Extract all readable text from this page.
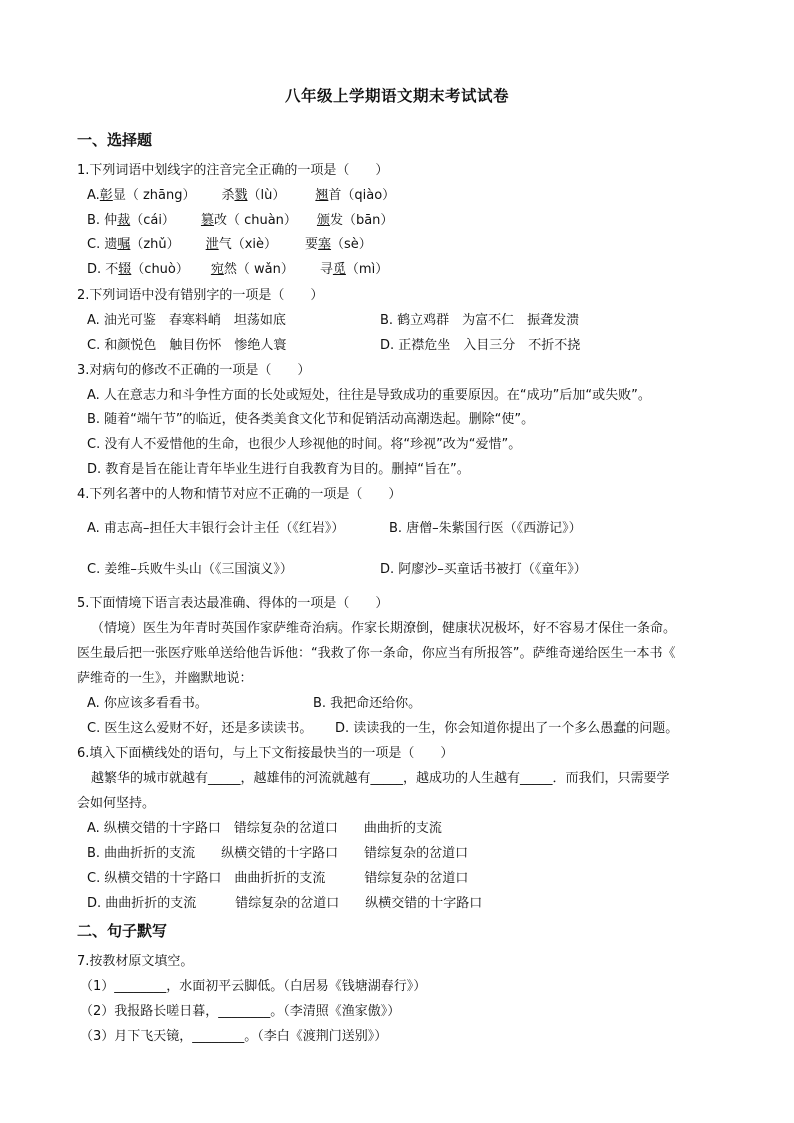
八年级上学期语文期末考试试卷
一、选择题
1.下列词语中划线字的注音完全正确的一项是（　　）
A.彰显（ zhāng） 杀戮（lù） 翘首（qiào）
B. 仲裁（cái） 篡改（ chuàn） 颁发（bān）
C. 遗嘱（zhǔ） 泄气（xiè） 要塞（sè）
D. 不辍（chuò） 宛然（ wǎn） 寻觅（mì）
2.下列词语中没有错别字的一项是（　　）
A. 油光可鉴　春寒料峭　坦荡如底	B. 鹤立鸡群　为富不仁　振聋发溃
C. 和颜悦色　触目伤怀　惨绝人寰	D. 正襟危坐　入目三分　不折不挠
3.对病句的修改不正确的一项是（　　）
A. 人在意志力和斗争性方面的长处或短处，往往是导致成功的重要原因。在“成功”后加“或失败”。
B. 随着“端午节”的临近，使各类美食文化节和促销活动高潮迭起。删除“使”。
C. 没有人不爱惜他的生命，也很少人珍视他的时间。将“珍视”改为“爱惜”。
D. 教育是旨在能让青年毕业生进行自我教育为目的。删掉“旨在”。
4.下列名著中的人物和情节对应不正确的一项是（　　）
A. 甫志高–担任大丰银行会计主任（《红岩》）	B. 唐僧–朱紫国行医（《西游记》）
C. 姜维–兵败牛头山（《三国演义》）	D. 阿廖沙–买童话书被打（《童年》）
5.下面情境下语言表达最准确、得体的一项是（　　）
（情境）医生为年青时英国作家萨维奇治病。作家长期潦倒，健康状况极坏，好不容易才保住一条命。
医生最后把一张医疗账单送给他告诉他：“我救了你一条命，你应当有所报答”。萨维奇递给医生一本书《
萨维奇的一生》，并幽默地说：
A. 你应该多看看书。	B. 我把命还给你。
C. 医生这么爱财不好，还是多读读书。 D. 读读我的一生，你会知道你提出了一个多么愚蠢的问题。
6.填入下面横线处的语句，与上下文衔接最快当的一项是（　　）
越繁华的城市就越有_____，越雄伟的河流就越有_____，越成功的人生越有_____．而我们，只需要学
会如何坚持。
A. 纵横交错的十字路口　错综复杂的岔道口　　曲曲折的支流
B. 曲曲折折的支流　　纵横交错的十字路口　　错综复杂的岔道口
C. 纵横交错的十字路口　曲曲折折的支流　　　错综复杂的岔道口
D. 曲曲折折的支流　　　错综复杂的岔道口　　纵横交错的十字路口
二、句子默写
7.按教材原文填空。
（1）________，水面初平云脚低。（白居易《钱塘湖春行》）
（2）我报路长嗟日暮，________。（李清照《渔家傲》）
（3）月下飞天镜，________。（李白《渡荆门送别》）
